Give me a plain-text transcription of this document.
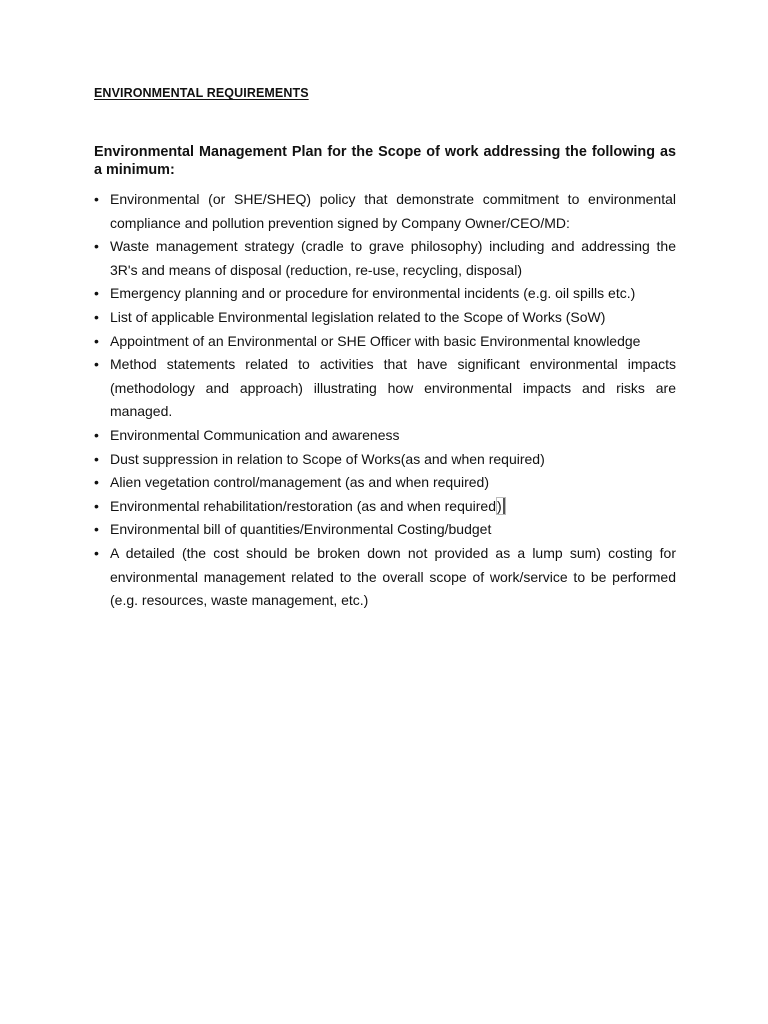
ENVIRONMENTAL REQUIREMENTS

Environmental Management Plan for the Scope of work addressing the following as a minimum:

• Environmental (or SHE/SHEQ) policy that demonstrate commitment to environmental compliance and pollution prevention signed by Company Owner/CEO/MD:
• Waste management strategy (cradle to grave philosophy) including and addressing the 3R's and means of disposal (reduction, re-use, recycling, disposal)
• Emergency planning and or procedure for environmental incidents (e.g. oil spills etc.)
• List of applicable Environmental legislation related to the Scope of Works (SoW)
• Appointment of an Environmental or SHE Officer with basic Environmental knowledge
• Method statements related to activities that have significant environmental impacts (methodology and approach) illustrating how environmental impacts and risks are managed.
• Environmental Communication and awareness
• Dust suppression in relation to Scope of Works(as and when required)
• Alien vegetation control/management (as and when required)
• Environmental rehabilitation/restoration (as and when required)
• Environmental bill of quantities/Environmental Costing/budget
• A detailed (the cost should be broken down not provided as a lump sum) costing for environmental management related to the overall scope of work/service to be performed (e.g. resources, waste management, etc.)
